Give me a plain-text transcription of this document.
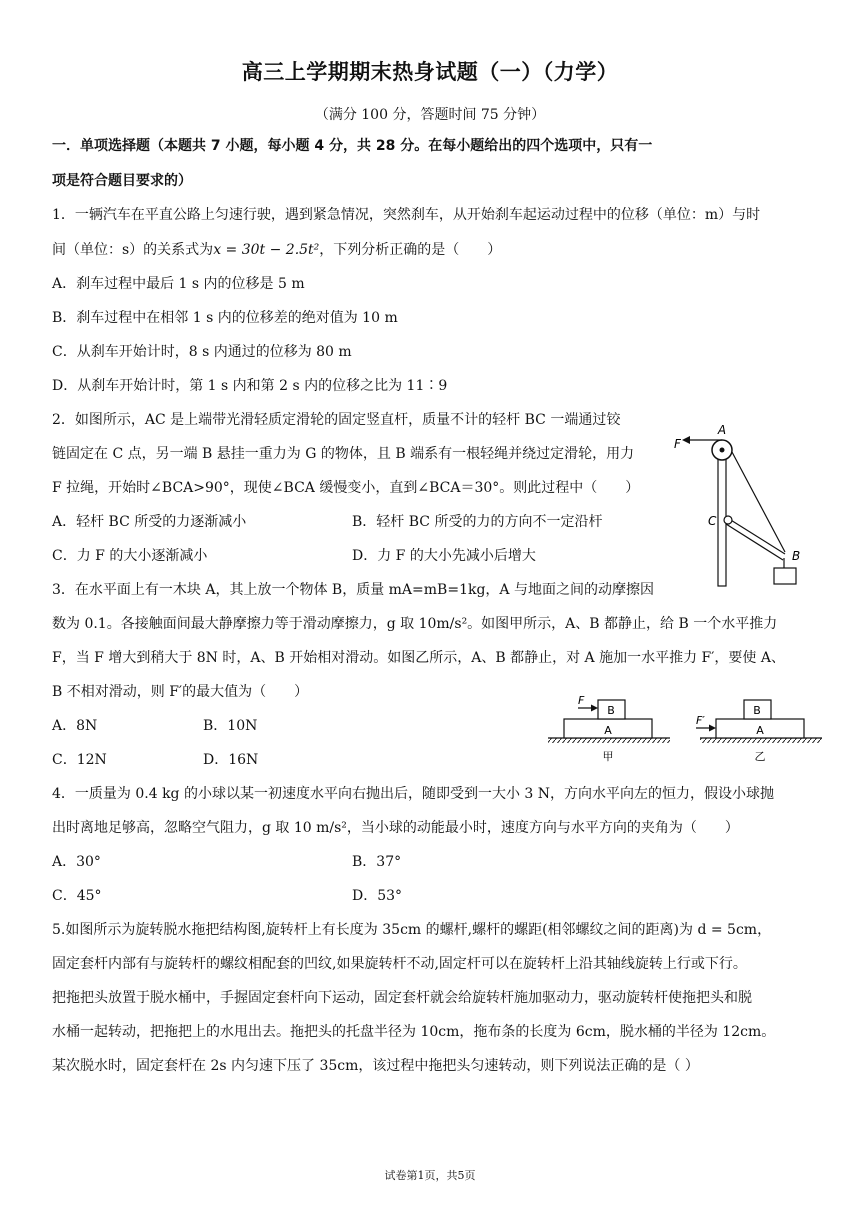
高三上学期期末热身试题（一）（力学）
（满分 100 分，答题时间 75 分钟）
一．单项选择题（本题共 7 小题，每小题 4 分，共 28 分。在每小题给出的四个选项中，只有一
项是符合题目要求的）
1．一辆汽车在平直公路上匀速行驶，遇到紧急情况，突然刹车，从开始刹车起运动过程中的位移（单位：m）与时
间（单位：s）的关系式为x = 30t − 2.5t²，下列分析正确的是（　　）
A．刹车过程中最后 1 s 内的位移是 5 m
B．刹车过程中在相邻 1 s 内的位移差的绝对值为 10 m
C．从刹车开始计时，8 s 内通过的位移为 80 m
D．从刹车开始计时，第 1 s 内和第 2 s 内的位移之比为 11∶9
2．如图所示，AC 是上端带光滑轻质定滑轮的固定竖直杆，质量不计的轻杆 BC 一端通过铰
链固定在 C 点，另一端 B 悬挂一重力为 G 的物体，且 B 端系有一根轻绳并绕过定滑轮，用力
F 拉绳，开始时∠BCA>90°，现使∠BCA 缓慢变小，直到∠BCA＝30°。则此过程中（　　）
A．轻杆 BC 所受的力逐渐减小	B．轻杆 BC 所受的力的方向不一定沿杆
C．力 F 的大小逐渐减小	D．力 F 的大小先减小后增大
A
F
C
B
3．在水平面上有一木块 A，其上放一个物体 B，质量 mA=mB=1kg，A 与地面之间的动摩擦因
数为 0.1。各接触面间最大静摩擦力等于滑动摩擦力，g 取 10m/s²。如图甲所示，A、B 都静止，给 B 一个水平推力
F，当 F 增大到稍大于 8N 时，A、B 开始相对滑动。如图乙所示，A、B 都静止，对 A 施加一水平推力 F′，要使 A、
B 不相对滑动，则 F′的最大值为（　　）
A．8N	B．10N
C．12N	D．16N
F
A
B
甲
F′
A
B
乙
4．一质量为 0.4 kg 的小球以某一初速度水平向右抛出后，随即受到一大小 3 N，方向水平向左的恒力，假设小球抛
出时离地足够高，忽略空气阻力，g 取 10 m/s²，当小球的动能最小时，速度方向与水平方向的夹角为（　　）
A．30°	B．37°
C．45°	D．53°
5.如图所示为旋转脱水拖把结构图,旋转杆上有长度为 35cm 的螺杆,螺杆的螺距(相邻螺纹之间的距离)为 d = 5cm，
固定套杆内部有与旋转杆的螺纹相配套的凹纹,如果旋转杆不动,固定杆可以在旋转杆上沿其轴线旋转上行或下行。
把拖把头放置于脱水桶中，手握固定套杆向下运动，固定套杆就会给旋转杆施加驱动力，驱动旋转杆使拖把头和脱
水桶一起转动，把拖把上的水甩出去。拖把头的托盘半径为 10cm，拖布条的长度为 6cm，脱水桶的半径为 12cm。
某次脱水时，固定套杆在 2s 内匀速下压了 35cm，该过程中拖把头匀速转动，则下列说法正确的是（ ）
试卷第1页，共5页
